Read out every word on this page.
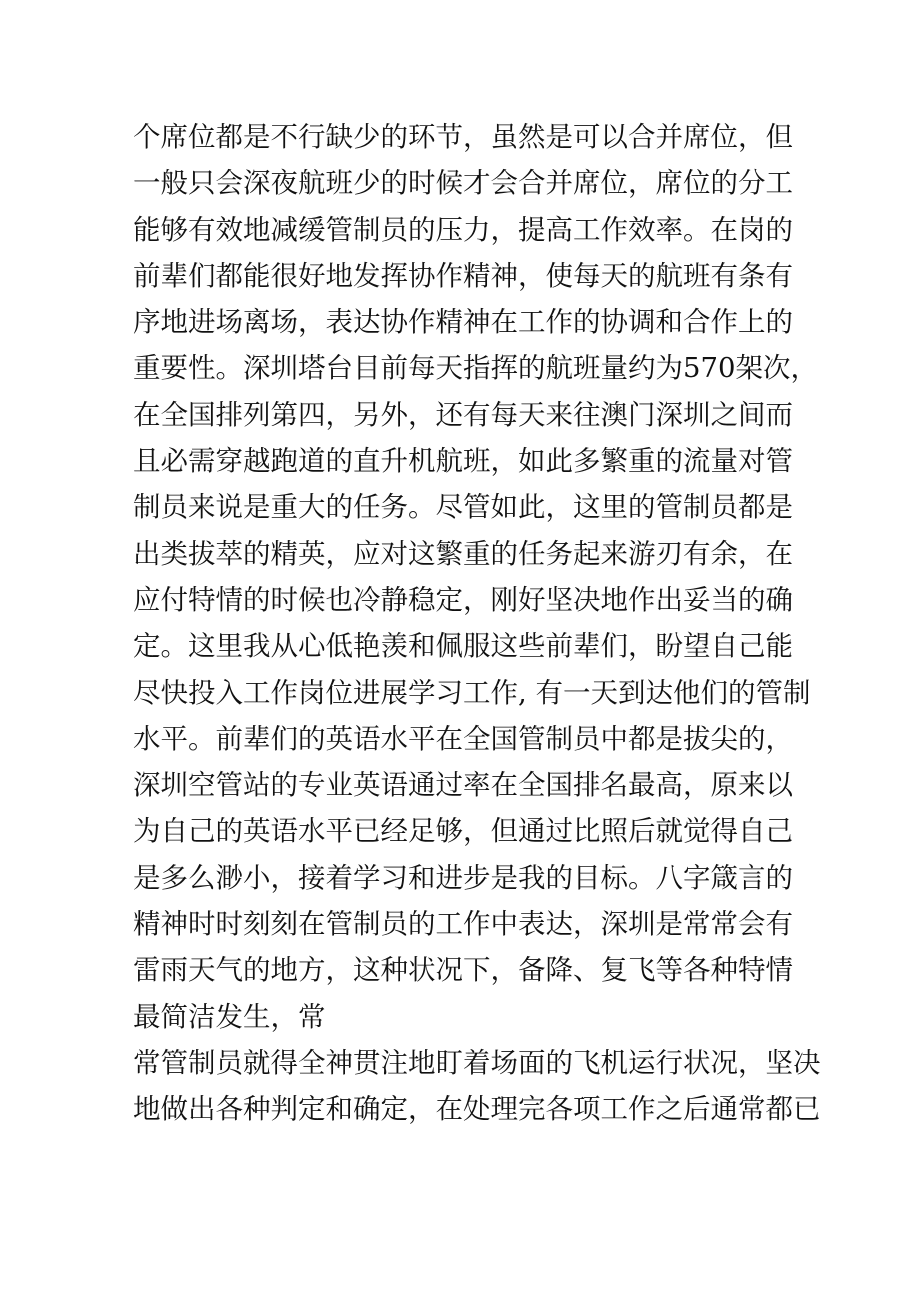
个席位都是不行缺少的环节，虽然是可以合并席位，但
一般只会深夜航班少的时候才会合并席位，席位的分工
能够有效地减缓管制员的压力，提高工作效率。在岗的
前辈们都能很好地发挥协作精神，使每天的航班有条有
序地进场离场，表达协作精神在工作的协调和合作上的
重要性。深圳塔台目前每天指挥的航班量约为570架次，
在全国排列第四，另外，还有每天来往澳门深圳之间而
且必需穿越跑道的直升机航班，如此多繁重的流量对管
制员来说是重大的任务。尽管如此，这里的管制员都是
出类拔萃的精英，应对这繁重的任务起来游刃有余，在
应付特情的时候也冷静稳定，刚好坚决地作出妥当的确
定。这里我从心低艳羡和佩服这些前辈们，盼望自己能
尽快投入工作岗位进展学习工作, 有一天到达他们的管制
水平。前辈们的英语水平在全国管制员中都是拔尖的，
深圳空管站的专业英语通过率在全国排名最高，原来以
为自己的英语水平已经足够，但通过比照后就觉得自己
是多么渺小，接着学习和进步是我的目标。八字箴言的
精神时时刻刻在管制员的工作中表达，深圳是常常会有
雷雨天气的地方，这种状况下，备降、复飞等各种特情
最简洁发生，常
常管制员就得全神贯注地盯着场面的飞机运行状况，坚决
地做出各种判定和确定，在处理完各项工作之后通常都已
